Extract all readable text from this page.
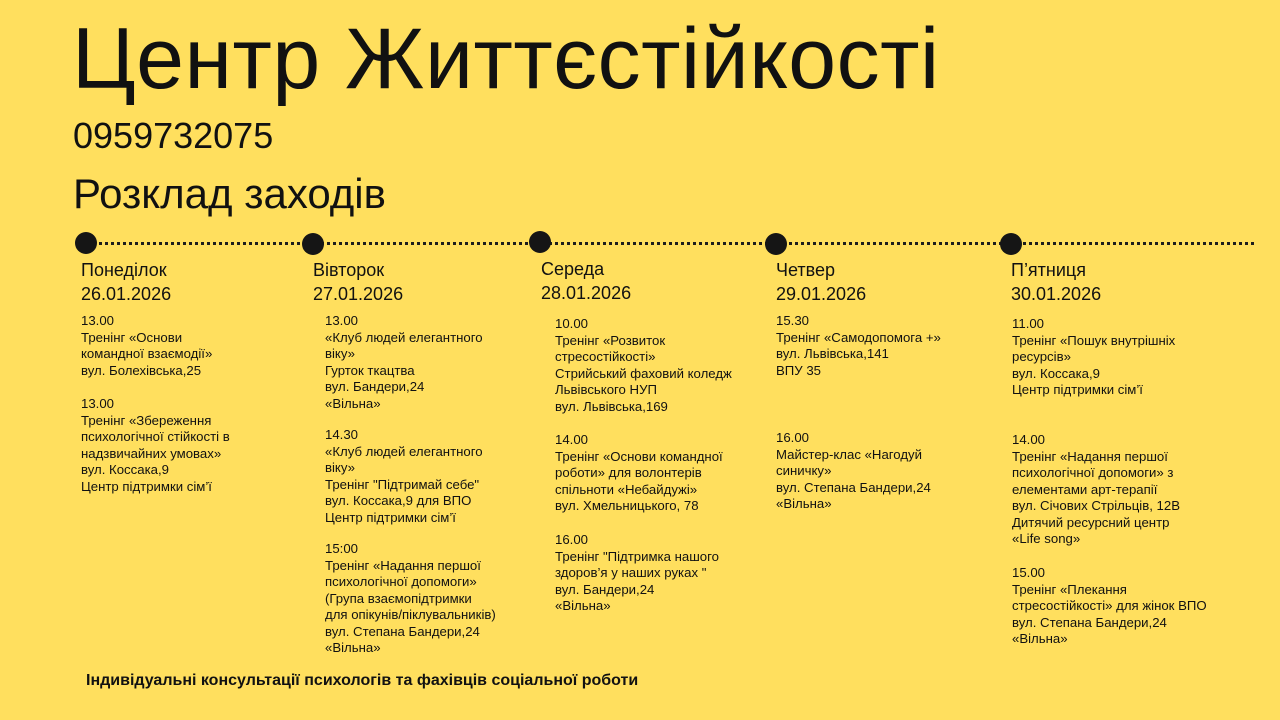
Центр Життєстійкості
0959732075
Розклад заходів
Понеділок
26.01.2026
Вівторок
27.01.2026
Середа
28.01.2026
Четвер
29.01.2026
П’ятниця
30.01.2026
13.00
Тренінг «Основи
командної взаємодії»
вул. Болехівська,25
13.00
Тренінг «Збереження
психологічної стійкості в
надзвичайних умовах»
вул. Коссака,9
Центр підтримки сім’ї
13.00
«Клуб людей елегантного
віку»
Гурток ткацтва
вул. Бандери,24
«Вільна»
14.30
«Клуб людей елегантного
віку»
Тренінг "Підтримай себе"
вул. Коссака,9 для ВПО
Центр підтримки сім’ї
15:00
Тренінг «Надання першої
психологічної допомоги»
(Група взаємопідтримки
для опікунів/піклувальників)
вул. Степана Бандери,24
«Вільна»
10.00
Тренінг «Розвиток
стресостійкості»
Стрийський фаховий коледж
Львівського НУП
вул. Львівська,169
14.00
Тренінг «Основи командної
роботи» для волонтерів
спільноти «Небайдужі»
вул. Хмельницького, 78
16.00
Тренінг "Підтримка нашого
здоров’я у наших руках "
вул. Бандери,24
«Вільна»
15.30
Тренінг «Самодопомога +»
вул. Львівська,141
ВПУ 35
16.00
Майстер-клас «Нагодуй
синичку»
вул. Степана Бандери,24
«Вільна»
11.00
Тренінг «Пошук внутрішніх
ресурсів»
вул. Коссака,9
Центр підтримки сім’ї
14.00
Тренінг «Надання першої
психологічної допомоги» з
елементами арт-терапії
вул. Січових Стрільців, 12В
Дитячий ресурсний центр
«Life song»
15.00
Тренінг «Плекання
стресостійкості» для жінок ВПО
вул. Степана Бандери,24
«Вільна»
Індивідуальні консультації психологів та фахівців соціальної роботи
